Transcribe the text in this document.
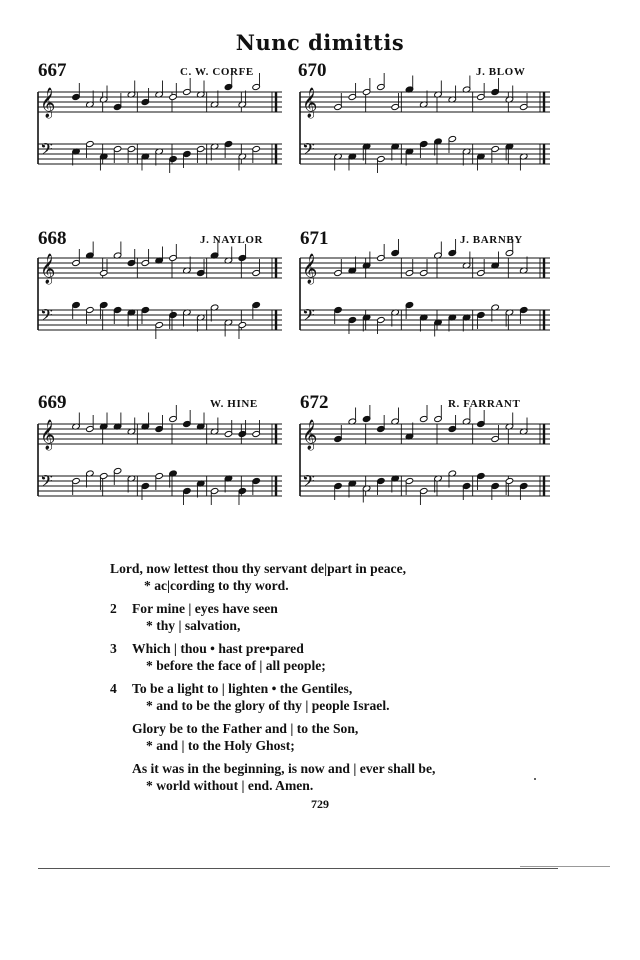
Nunc dimittis
667	C. W. CORFE
𝄞
𝄢
670	J. BLOW
𝄞
𝄢
668	J. NAYLOR
𝄞
𝄢
671	J. BARNBY
𝄞
𝄢
669	W. HINE
𝄞
𝄢
672	R. FARRANT
𝄞
𝄢
Lord, now lettest thou thy servant de|part in peace,
* ac|cording to thy word.
2 For mine | eyes have seen
* thy | salvation,
3 Which | thou • hast pre•pared
* before the face of | all people;
4 To be a light to | lighten • the Gentiles,
* and to be the glory of thy | people Israel.
Glory be to the Father and | to the Son,
* and | to the Holy Ghost;
As it was in the beginning, is now and | ever shall be,
* world without | end. Amen.
729
